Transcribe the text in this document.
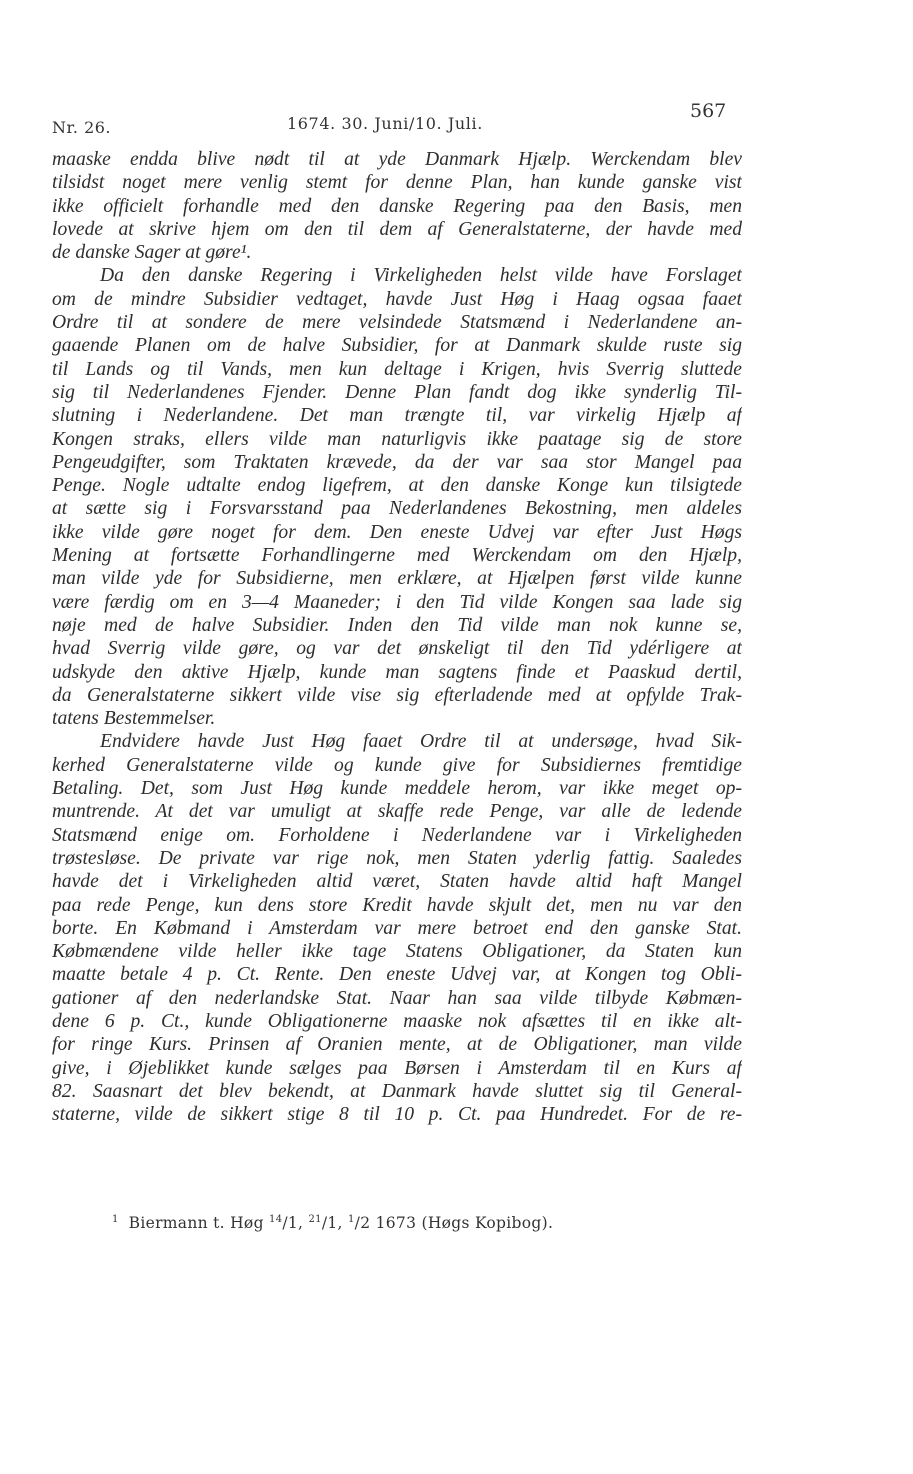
Nr. 26.	1674. 30. Juni/10. Juli.
567
maaske endda blive nødt til at yde Danmark Hjælp. Werckendam blev
tilsidst noget mere venlig stemt for denne Plan, han kunde ganske vist
ikke officielt forhandle med den danske Regering paa den Basis, men
lovede at skrive hjem om den til dem af Generalstaterne, der havde med
de danske Sager at gøre¹.
Da den danske Regering i Virkeligheden helst vilde have Forslaget
om de mindre Subsidier vedtaget, havde Just Høg i Haag ogsaa faaet
Ordre til at sondere de mere velsindede Statsmænd i Nederlandene an-
gaaende Planen om de halve Subsidier, for at Danmark skulde ruste sig
til Lands og til Vands, men kun deltage i Krigen, hvis Sverrig sluttede
sig til Nederlandenes Fjender. Denne Plan fandt dog ikke synderlig Til-
slutning i Nederlandene. Det man trængte til, var virkelig Hjælp af
Kongen straks, ellers vilde man naturligvis ikke paatage sig de store
Pengeudgifter, som Traktaten krævede, da der var saa stor Mangel paa
Penge. Nogle udtalte endog ligefrem, at den danske Konge kun tilsigtede
at sætte sig i Forsvarsstand paa Nederlandenes Bekostning, men aldeles
ikke vilde gøre noget for dem. Den eneste Udvej var efter Just Høgs
Mening at fortsætte Forhandlingerne med Werckendam om den Hjælp,
man vilde yde for Subsidierne, men erklære, at Hjælpen først vilde kunne
være færdig om en 3—4 Maaneder; i den Tid vilde Kongen saa lade sig
nøje med de halve Subsidier. Inden den Tid vilde man nok kunne se,
hvad Sverrig vilde gøre, og var det ønskeligt til den Tid ydérligere at
udskyde den aktive Hjælp, kunde man sagtens finde et Paaskud dertil,
da Generalstaterne sikkert vilde vise sig efterladende med at opfylde Trak-
tatens Bestemmelser.
Endvidere havde Just Høg faaet Ordre til at undersøge, hvad Sik-
kerhed Generalstaterne vilde og kunde give for Subsidiernes fremtidige
Betaling. Det, som Just Høg kunde meddele herom, var ikke meget op-
muntrende. At det var umuligt at skaffe rede Penge, var alle de ledende
Statsmænd enige om. Forholdene i Nederlandene var i Virkeligheden
trøstesløse. De private var rige nok, men Staten yderlig fattig. Saaledes
havde det i Virkeligheden altid været, Staten havde altid haft Mangel
paa rede Penge, kun dens store Kredit havde skjult det, men nu var den
borte. En Købmand i Amsterdam var mere betroet end den ganske Stat.
Købmændene vilde heller ikke tage Statens Obligationer, da Staten kun
maatte betale 4 p. Ct. Rente. Den eneste Udvej var, at Kongen tog Obli-
gationer af den nederlandske Stat. Naar han saa vilde tilbyde Købmæn-
dene 6 p. Ct., kunde Obligationerne maaske nok afsættes til en ikke alt-
for ringe Kurs. Prinsen af Oranien mente, at de Obligationer, man vilde
give, i Øjeblikket kunde sælges paa Børsen i Amsterdam til en Kurs af
82. Saasnart det blev bekendt, at Danmark havde sluttet sig til General-
staterne, vilde de sikkert stige 8 til 10 p. Ct. paa Hundredet. For de re-
$^1$ Biermann t. Høg $^{14}$/1, $^{21}$/1, $^1$/2 1673 (Høgs Kopibog).
